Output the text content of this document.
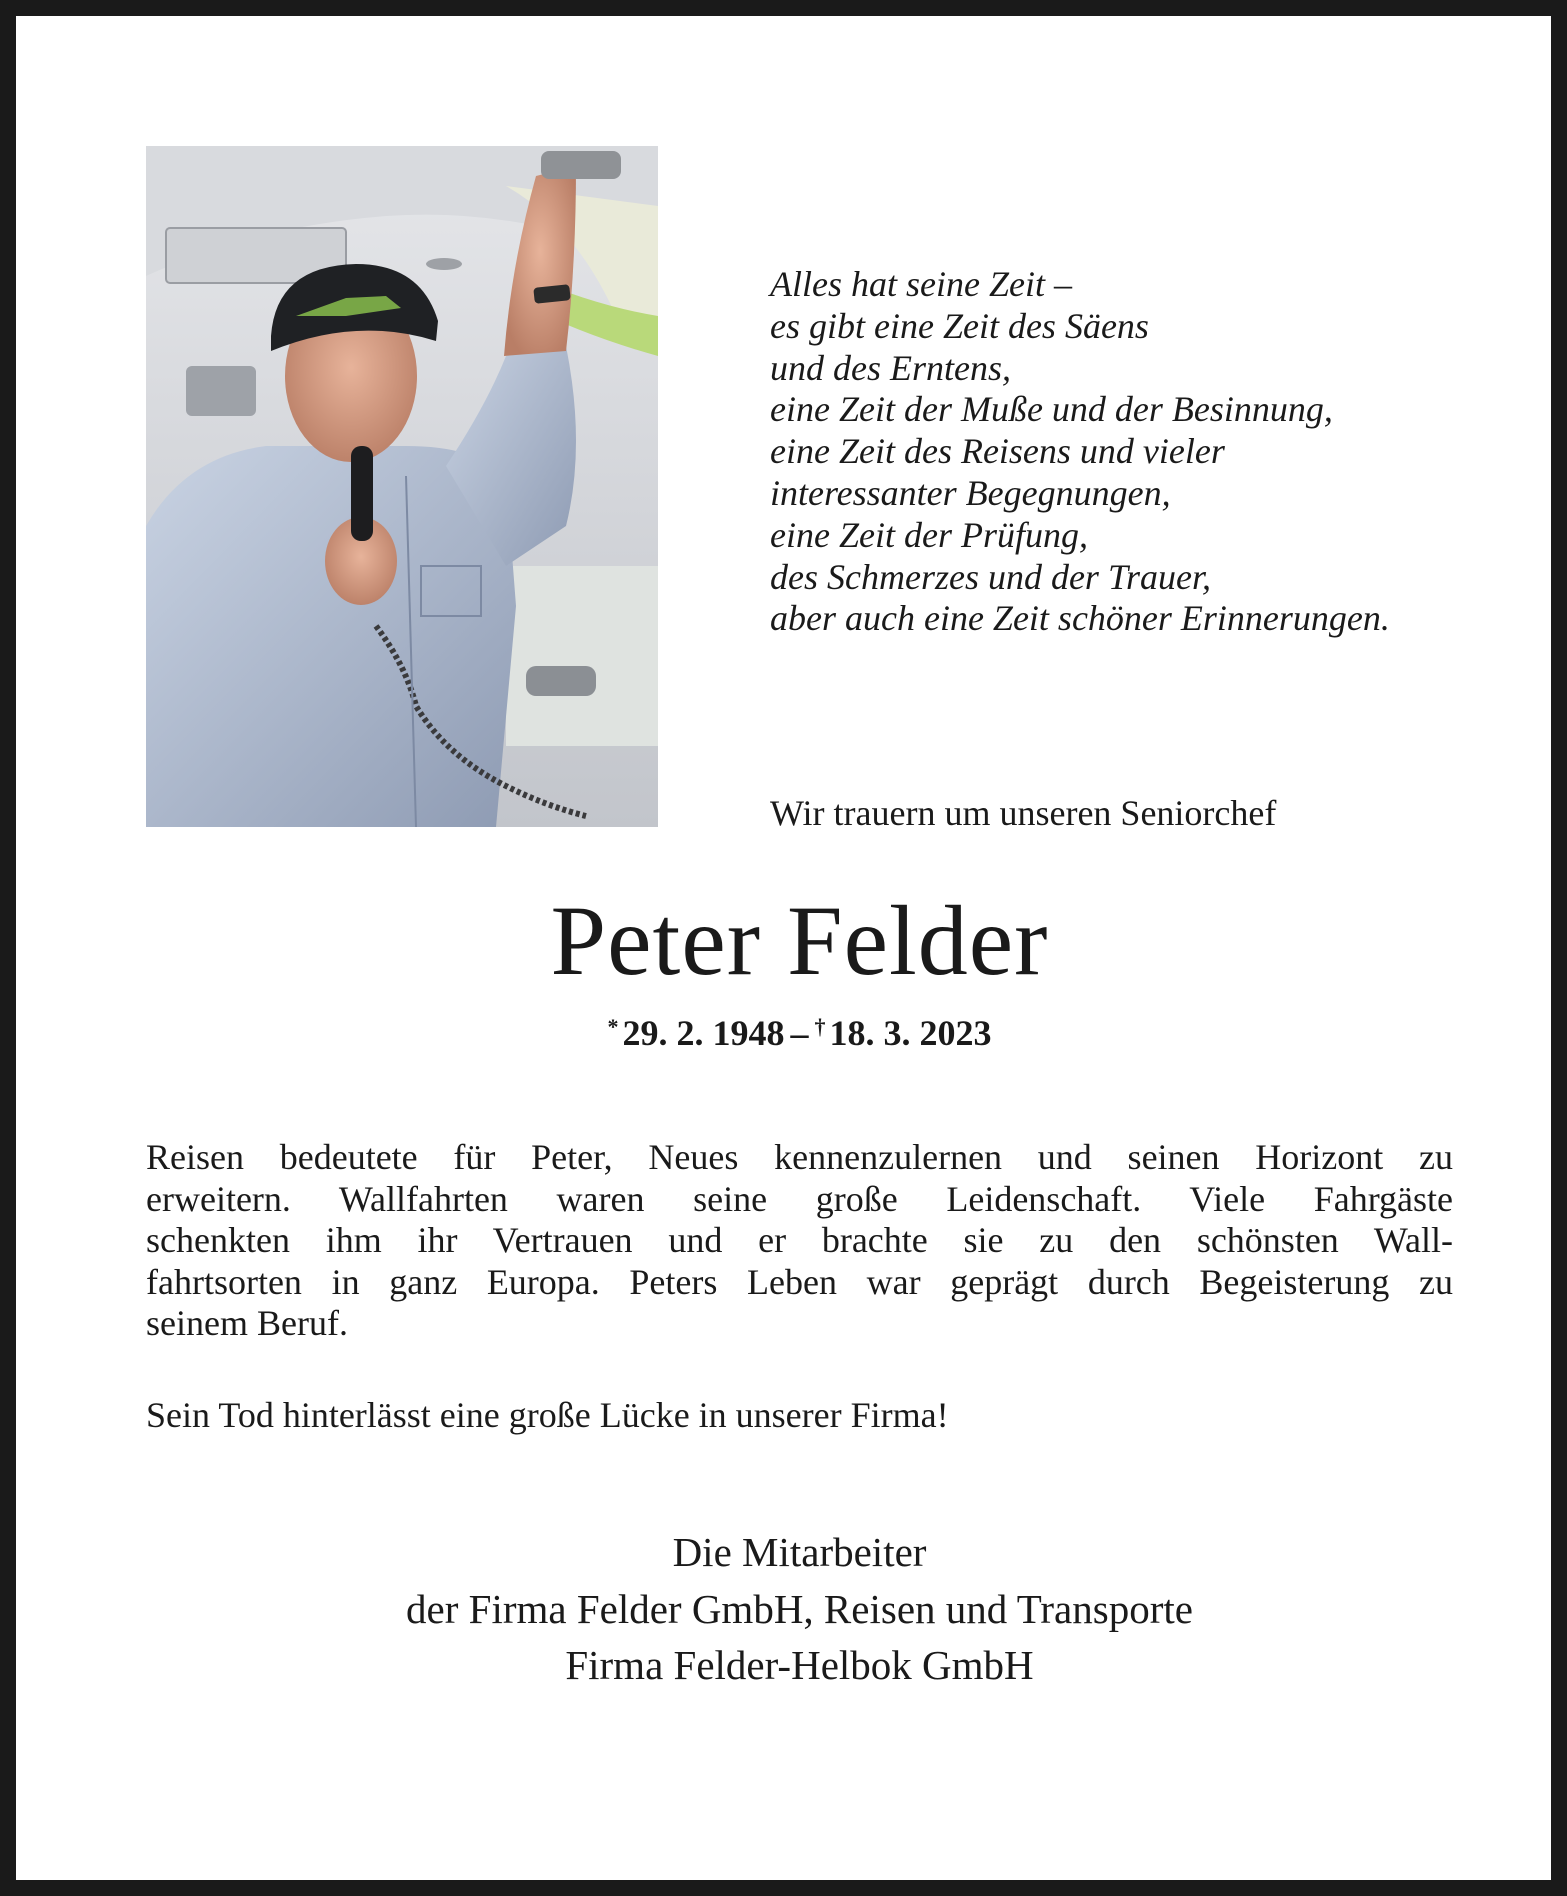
Alles hat seine Zeit –
es gibt eine Zeit des Säens
und des Erntens,
eine Zeit der Muße und der Besinnung,
eine Zeit des Reisens und vieler
interessanter Begegnungen,
eine Zeit der Prüfung,
des Schmerzes und der Trauer,
aber auch eine Zeit schöner Erinnerungen.
Wir trauern um unseren Seniorchef
Peter Felder
* 29. 2. 1948 – † 18. 3. 2023
Reisen bedeutete für Peter, Neues kennenzulernen und seinen Horizont zu
erweitern. Wallfahrten waren seine große Leidenschaft. Viele Fahrgäste
schenkten ihm ihr Vertrauen und er brachte sie zu den schönsten Wall-
fahrtsorten in ganz Europa. Peters Leben war geprägt durch Begeisterung zu
seinem Beruf.
Sein Tod hinterlässt eine große Lücke in unserer Firma!
Die Mitarbeiter
der Firma Felder GmbH, Reisen und Transporte
Firma Felder-Helbok GmbH
